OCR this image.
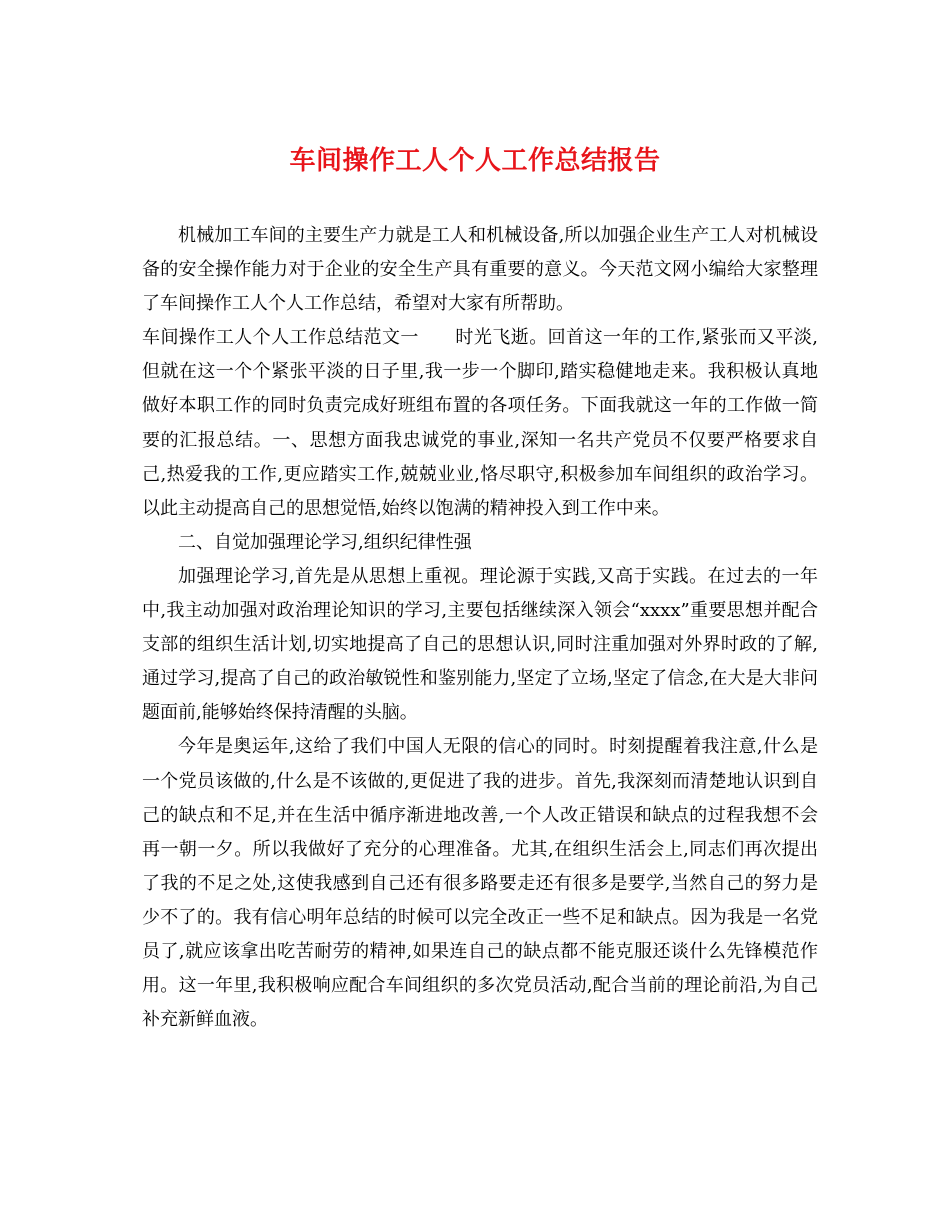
车间操作工人个人工作总结报告

机械加工车间的主要生产力就是工人和机械设备,所以加强企业生产工人对机械设备的安全操作能力对于企业的安全生产具有重要的意义。今天范文网小编给大家整理了车间操作工人个人工作总结，希望对大家有所帮助。

车间操作工人个人工作总结范文一 时光飞逝。回首这一年的工作,紧张而又平淡,但就在这一个个紧张平淡的日子里,我一步一个脚印,踏实稳健地走来。我积极认真地做好本职工作的同时负责完成好班组布置的各项任务。下面我就这一年的工作做一简要的汇报总结。一、思想方面我忠诚党的事业,深知一名共产党员不仅要严格要求自己,热爱我的工作,更应踏实工作,兢兢业业,恪尽职守,积极参加车间组织的政治学习。以此主动提高自己的思想觉悟,始终以饱满的精神投入到工作中来。

二、自觉加强理论学习,组织纪律性强

加强理论学习,首先是从思想上重视。理论源于实践,又高于实践。在过去的一年中,我主动加强对政治理论知识的学习,主要包括继续深入领会“xxxx”重要思想并配合支部的组织生活计划,切实地提高了自己的思想认识,同时注重加强对外界时政的了解,通过学习,提高了自己的政治敏锐性和鉴别能力,坚定了立场,坚定了信念,在大是大非问题面前,能够始终保持清醒的头脑。

今年是奥运年,这给了我们中国人无限的信心的同时。时刻提醒着我注意,什么是一个党员该做的,什么是不该做的,更促进了我的进步。首先,我深刻而清楚地认识到自己的缺点和不足,并在生活中循序渐进地改善,一个人改正错误和缺点的过程我想不会再一朝一夕。所以我做好了充分的心理准备。尤其,在组织生活会上,同志们再次提出了我的不足之处,这使我感到自己还有很多路要走还有很多是要学,当然自己的努力是少不了的。我有信心明年总结的时候可以完全改正一些不足和缺点。因为我是一名党员了,就应该拿出吃苦耐劳的精神,如果连自己的缺点都不能克服还谈什么先锋模范作用。这一年里,我积极响应配合车间组织的多次党员活动,配合当前的理论前沿,为自己补充新鲜血液。
